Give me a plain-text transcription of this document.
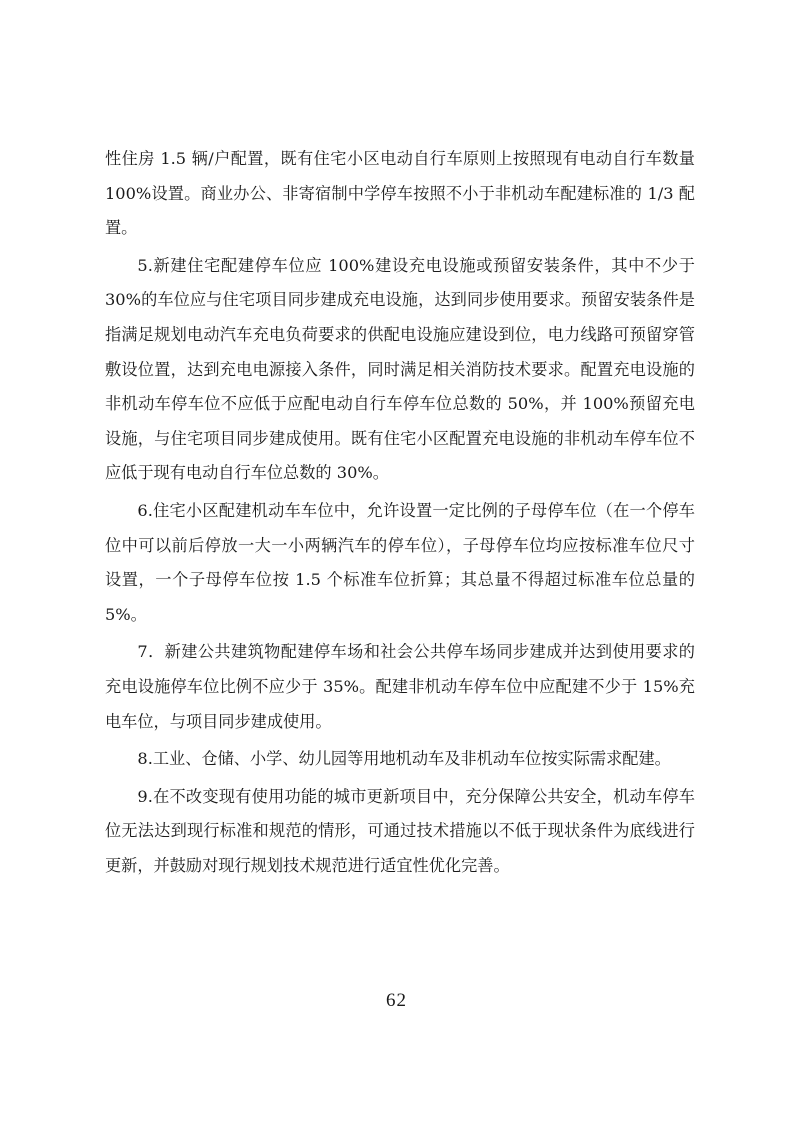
性住房 1.5 辆/户配置，既有住宅小区电动自行车原则上按照现有电动自行车数量 100%设置。商业办公、非寄宿制中学停车按照不小于非机动车配建标准的 1/3 配置。

5.新建住宅配建停车位应 100%建设充电设施或预留安装条件，其中不少于 30%的车位应与住宅项目同步建成充电设施，达到同步使用要求。预留安装条件是指满足规划电动汽车充电负荷要求的供配电设施应建设到位，电力线路可预留穿管敷设位置，达到充电电源接入条件，同时满足相关消防技术要求。配置充电设施的非机动车停车位不应低于应配电动自行车停车位总数的 50%，并 100%预留充电设施，与住宅项目同步建成使用。既有住宅小区配置充电设施的非机动车停车位不应低于现有电动自行车位总数的 30%。

6.住宅小区配建机动车车位中，允许设置一定比例的子母停车位（在一个停车位中可以前后停放一大一小两辆汽车的停车位），子母停车位均应按标准车位尺寸设置，一个子母停车位按 1.5 个标准车位折算；其总量不得超过标准车位总量的 5%。

7．新建公共建筑物配建停车场和社会公共停车场同步建成并达到使用要求的充电设施停车位比例不应少于 35%。配建非机动车停车位中应配建不少于 15%充电车位，与项目同步建成使用。

8.工业、仓储、小学、幼儿园等用地机动车及非机动车位按实际需求配建。

9.在不改变现有使用功能的城市更新项目中，充分保障公共安全，机动车停车位无法达到现行标准和规范的情形，可通过技术措施以不低于现状条件为底线进行更新，并鼓励对现行规划技术规范进行适宜性优化完善。

62
